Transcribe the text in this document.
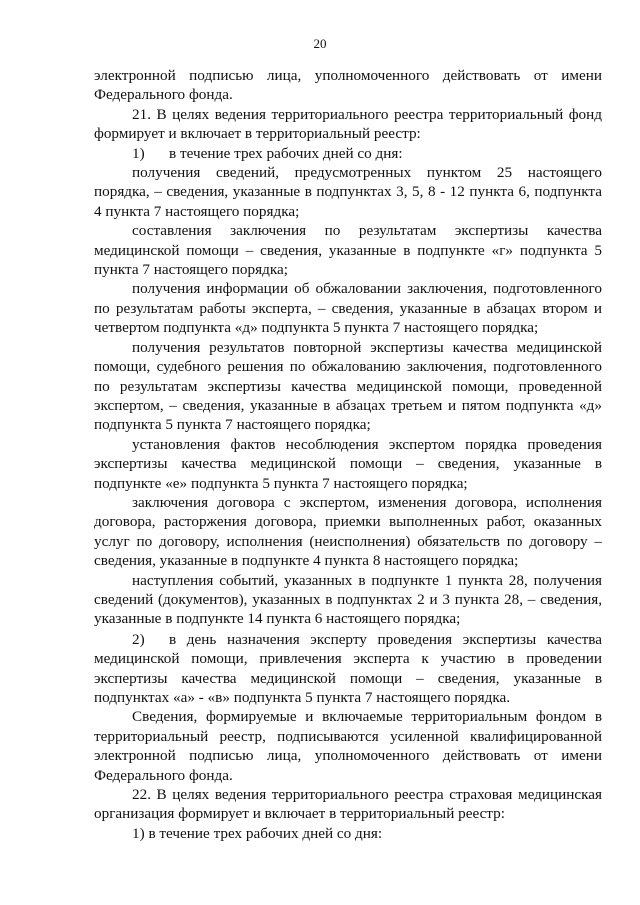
20

электронной подписью лица, уполномоченного действовать от имени Федерального фонда.

21. В целях ведения территориального реестра территориальный фонд формирует и включает в территориальный реестр:

1)	в течение трех рабочих дней со дня:

получения сведений, предусмотренных пунктом 25 настоящего порядка, – сведения, указанные в подпунктах 3, 5, 8 - 12 пункта 6, подпункта 4 пункта 7 настоящего порядка;

составления заключения по результатам экспертизы качества медицинской помощи – сведения, указанные в подпункте «г» подпункта 5 пункта 7 настоящего порядка;

получения информации об обжаловании заключения, подготовленного по результатам работы эксперта, – сведения, указанные в абзацах втором и четвертом подпункта «д» подпункта 5 пункта 7 настоящего порядка;

получения результатов повторной экспертизы качества медицинской помощи, судебного решения по обжалованию заключения, подготовленного по результатам экспертизы качества медицинской помощи, проведенной экспертом, – сведения, указанные в абзацах третьем и пятом подпункта «д» подпункта 5 пункта 7 настоящего порядка;

установления фактов несоблюдения экспертом порядка проведения экспертизы качества медицинской помощи – сведения, указанные в подпункте «е» подпункта 5 пункта 7 настоящего порядка;

заключения договора с экспертом, изменения договора, исполнения договора, расторжения договора, приемки выполненных работ, оказанных услуг по договору, исполнения (неисполнения) обязательств по договору – сведения, указанные в подпункте 4 пункта 8 настоящего порядка;

наступления событий, указанных в подпункте 1 пункта 28, получения сведений (документов), указанных в подпунктах 2 и 3 пункта 28, – сведения, указанные в подпункте 14 пункта 6 настоящего порядка;

2)	в день назначения эксперту проведения экспертизы качества медицинской помощи, привлечения эксперта к участию в проведении экспертизы качества медицинской помощи – сведения, указанные в подпунктах «а» - «в» подпункта 5 пункта 7 настоящего порядка.

Сведения, формируемые и включаемые территориальным фондом в территориальный реестр, подписываются усиленной квалифицированной электронной подписью лица, уполномоченного действовать от имени Федерального фонда.

22. В целях ведения территориального реестра страховая медицинская организация формирует и включает в территориальный реестр:

1) в течение трех рабочих дней со дня:
